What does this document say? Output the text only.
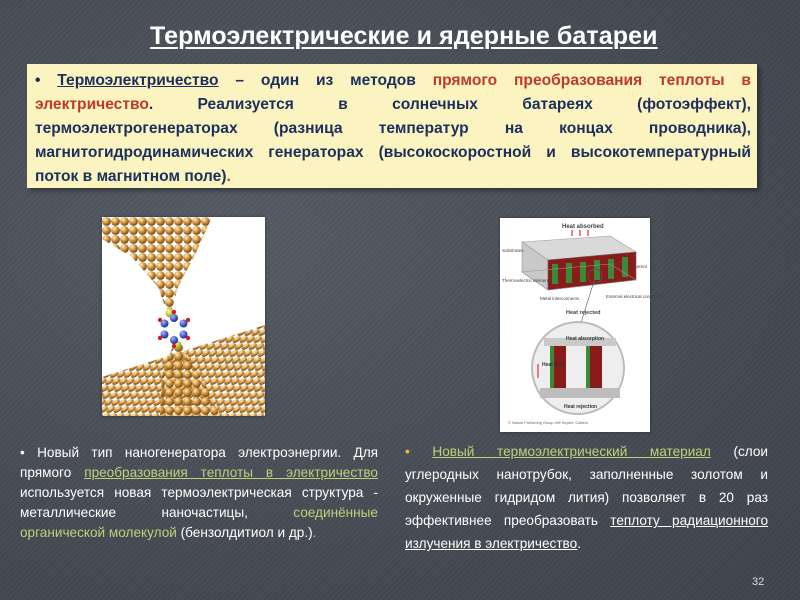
Термоэлектрические и ядерные батареи
• Термоэлектричество – один из методов прямого преобразования теплоты в электричество. Реализуется в солнечных батареях (фотоэффект), термоэлектрогенераторах (разница температур на концах проводника), магнитогидродинамических генераторах (высокоскоростной и высокотемпературный поток в магнитном поле).
Heat absorbed
Substrates
+ Current
Thermoelectric elements
Metal interconnects	External electrical connection
Heat rejected
Heat absorption
Heat flow
Heat rejection
© Nature Publishing Group Jeff Snyder, Caltech
• Новый тип наногенератора электроэнергии. Для прямого преобразования теплоты в электричество используется новая термоэлектрическая структура - металлические наночастицы, соединённые органической молекулой (бензолдитиол и др.).
• Новый термоэлектрический материал (слои углеродных нанотрубок, заполненные золотом и окруженные гидридом лития) позволяет в 20 раз эффективнее преобразовать теплоту радиационного излучения в электричество.
32
